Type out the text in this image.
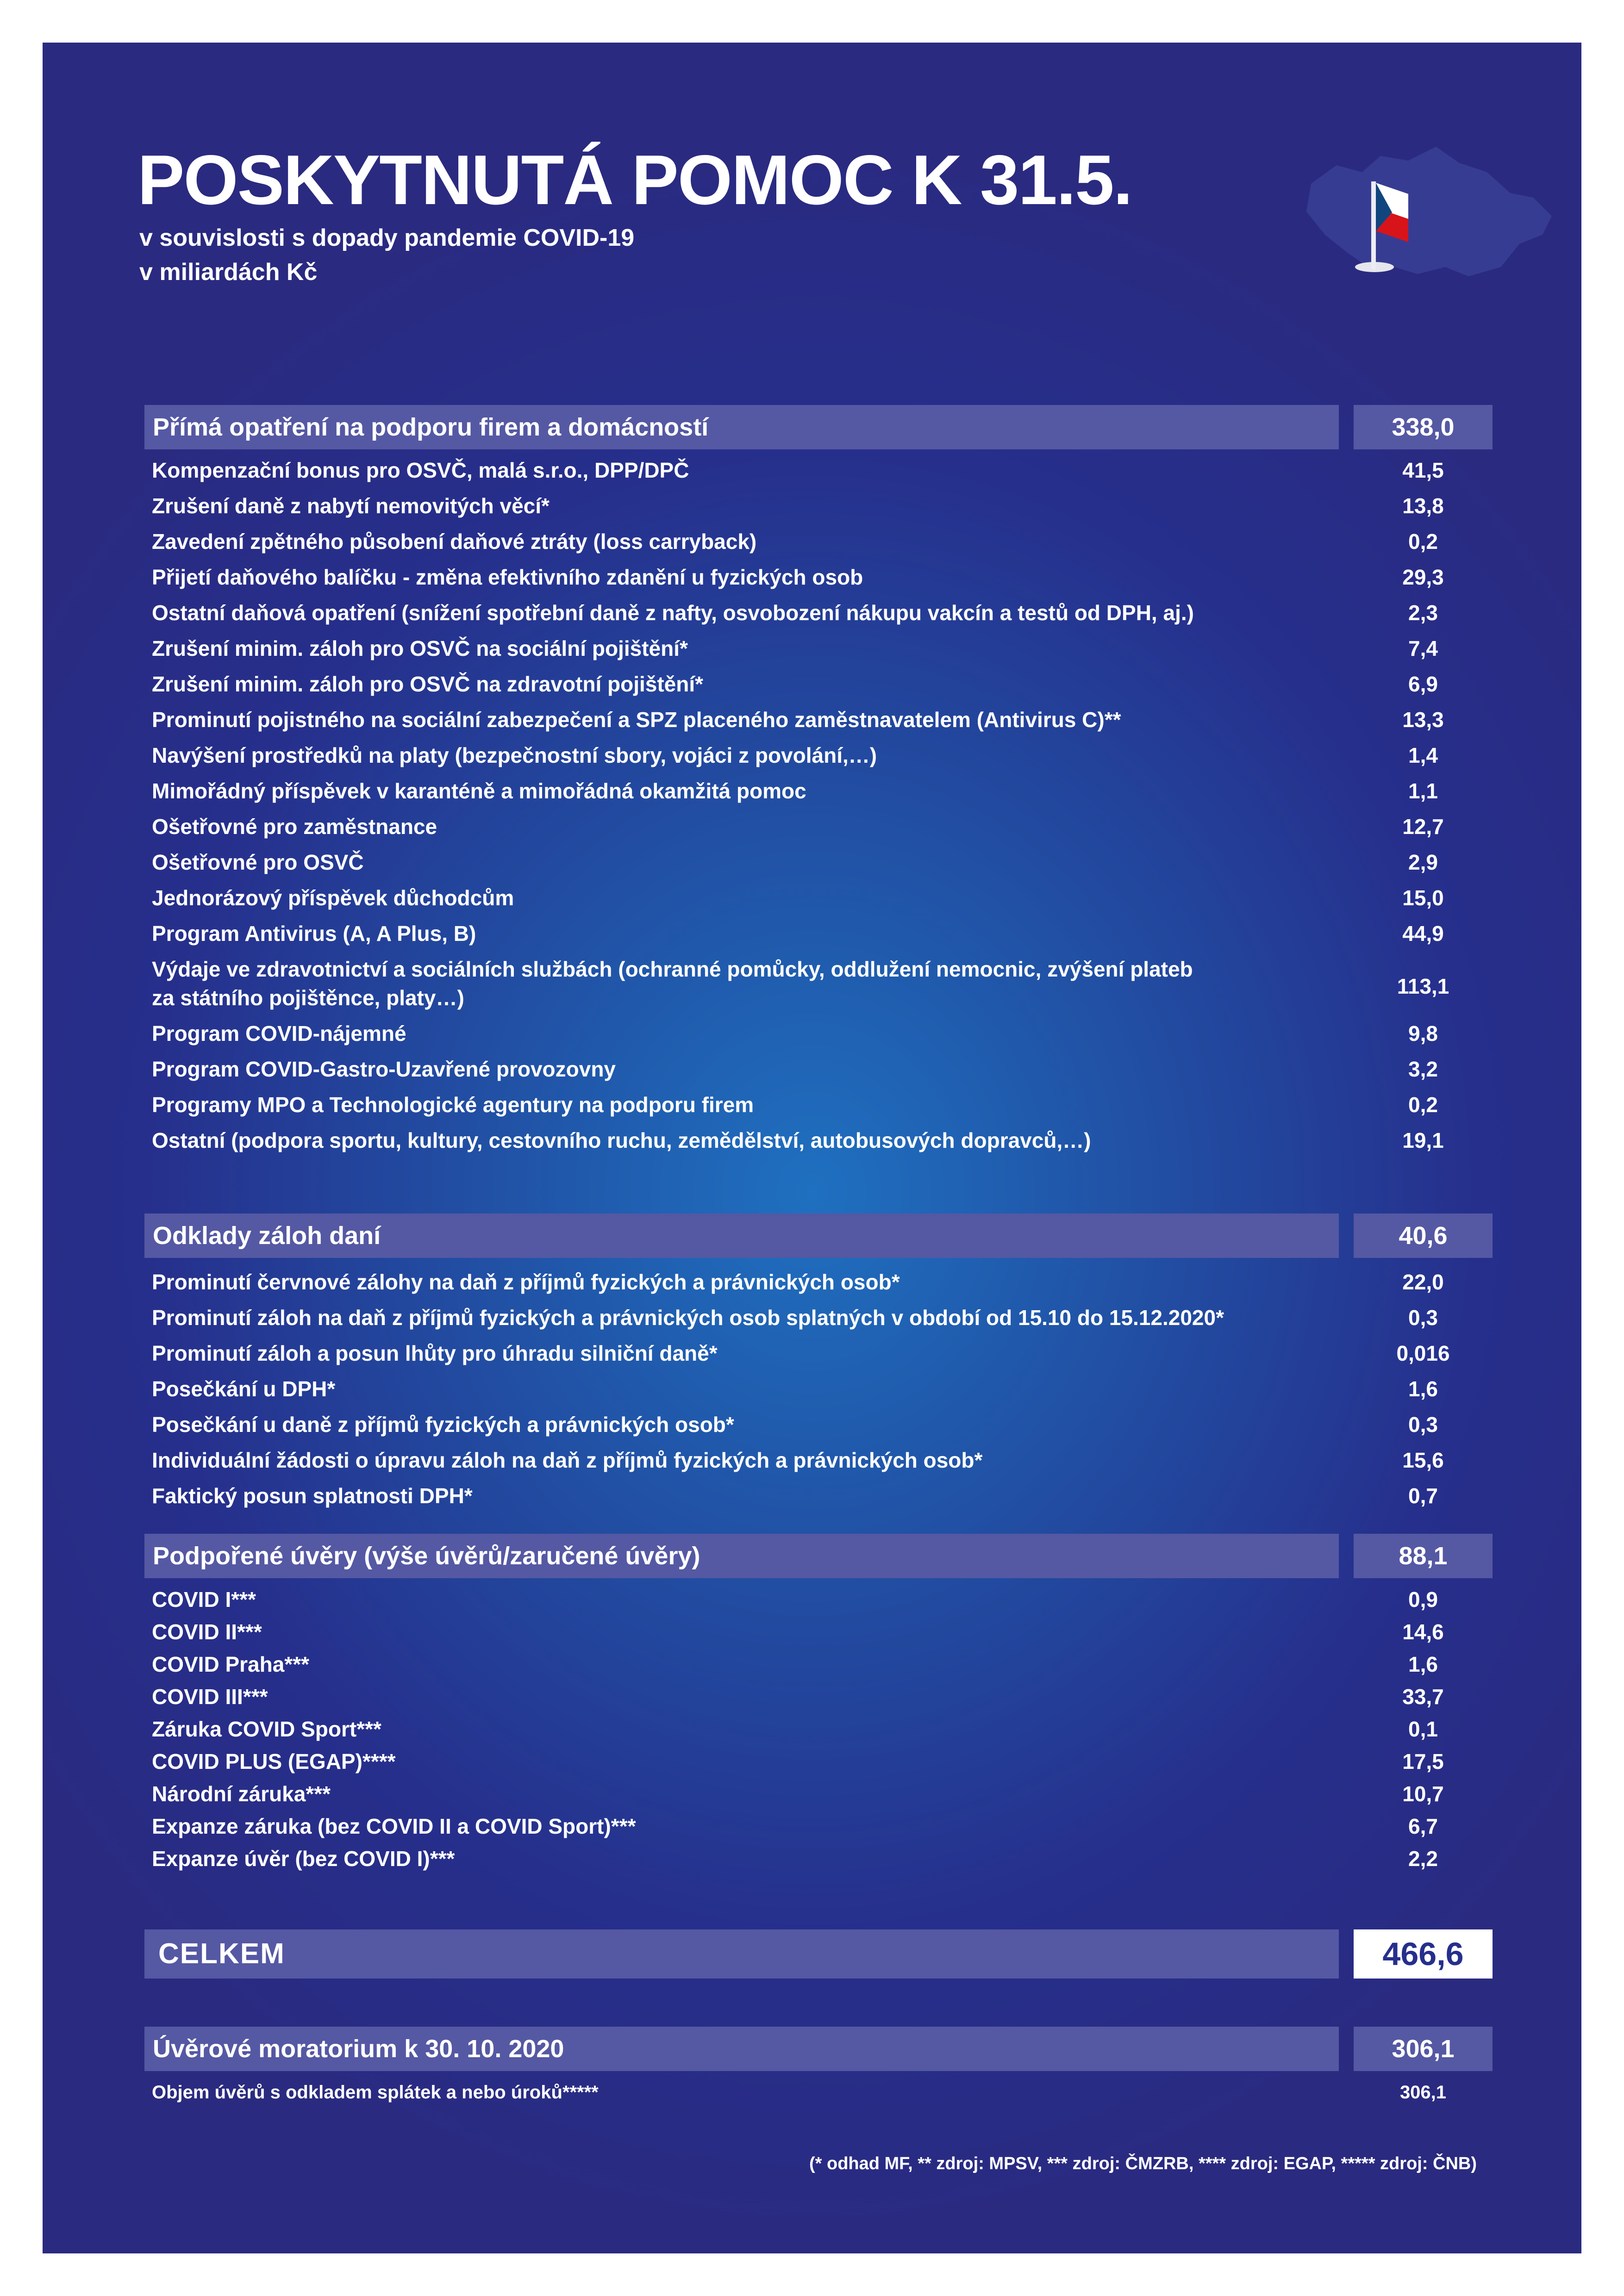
POSKYTNUTÁ POMOC K 31.5.
v souvislosti s dopady pandemie COVID-19
v miliardách Kč
Přímá opatření na podporu firem a domácností	338,0
Kompenzační bonus pro OSVČ, malá s.r.o., DPP/DPČ	41,5
Zrušení daně z nabytí nemovitých věcí*	13,8
Zavedení zpětného působení daňové ztráty (loss carryback)	0,2
Přijetí daňového balíčku - změna efektivního zdanění u fyzických osob	29,3
Ostatní daňová opatření (snížení spotřební daně z nafty, osvobození nákupu vakcín a testů od DPH, aj.)	2,3
Zrušení minim. záloh pro OSVČ na sociální pojištění*	7,4
Zrušení minim. záloh pro OSVČ na zdravotní pojištění*	6,9
Prominutí pojistného na sociální zabezpečení a SPZ placeného zaměstnavatelem (Antivirus C)**	13,3
Navýšení prostředků na platy (bezpečnostní sbory, vojáci z povolání,…)	1,4
Mimořádný příspěvek v karanténě a mimořádná okamžitá pomoc	1,1
Ošetřovné pro zaměstnance	12,7
Ošetřovné pro OSVČ	2,9
Jednorázový příspěvek důchodcům	15,0
Program Antivirus (A, A Plus, B)	44,9
Výdaje ve zdravotnictví a sociálních službách (ochranné pomůcky, oddlužení nemocnic, zvýšení plateb
za státního pojištěnce, platy…)	113,1
Program COVID-nájemné	9,8
Program COVID-Gastro-Uzavřené provozovny	3,2
Programy MPO a Technologické agentury na podporu firem	0,2
Ostatní (podpora sportu, kultury, cestovního ruchu, zemědělství, autobusových dopravců,…)	19,1
Odklady záloh daní	40,6
Prominutí červnové zálohy na daň z příjmů fyzických a právnických osob*	22,0
Prominutí záloh na daň z příjmů fyzických a právnických osob splatných v období od 15.10 do 15.12.2020*	0,3
Prominutí záloh a posun lhůty pro úhradu silniční daně*	0,016
Posečkání u DPH*	1,6
Posečkání u daně z příjmů fyzických a právnických osob*	0,3
Individuální žádosti o úpravu záloh na daň z příjmů fyzických a právnických osob*	15,6
Faktický posun splatnosti DPH*	0,7
Podpořené úvěry (výše úvěrů/zaručené úvěry)	88,1
COVID I***	0,9
COVID II***	14,6
COVID Praha***	1,6
COVID III***	33,7
Záruka COVID Sport***	0,1
COVID PLUS (EGAP)****	17,5
Národní záruka***	10,7
Expanze záruka (bez COVID II a COVID Sport)***	6,7
Expanze úvěr (bez COVID I)***	2,2
CELKEM	466,6
Úvěrové moratorium k 30. 10. 2020	306,1
Objem úvěrů s odkladem splátek a nebo úroků*****	306,1
(* odhad MF, ** zdroj: MPSV, *** zdroj: ČMZRB, **** zdroj: EGAP, ***** zdroj: ČNB)
